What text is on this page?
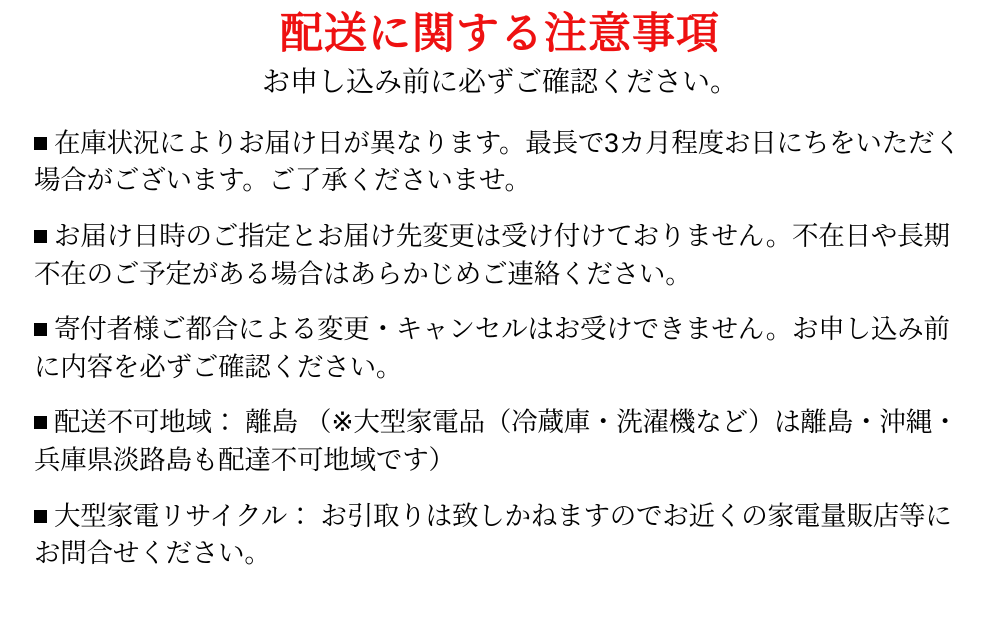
配送に関する注意事項

お申し込み前に必ずご確認ください。

在庫状況によりお届け日が異なります。最長で3カ月程度お日にちをいただく場合がございます。ご了承くださいませ。

お届け日時のご指定とお届け先変更は受け付けておりません。不在日や長期不在のご予定がある場合はあらかじめご連絡ください。

寄付者様ご都合による変更・キャンセルはお受けできません。お申し込み前に内容を必ずご確認ください。

配送不可地域： 離島 （※大型家電品（冷蔵庫・洗濯機など）は離島・沖縄・兵庫県淡路島も配達不可地域です）

大型家電リサイクル： お引取りは致しかねますのでお近くの家電量販店等にお問合せください。
